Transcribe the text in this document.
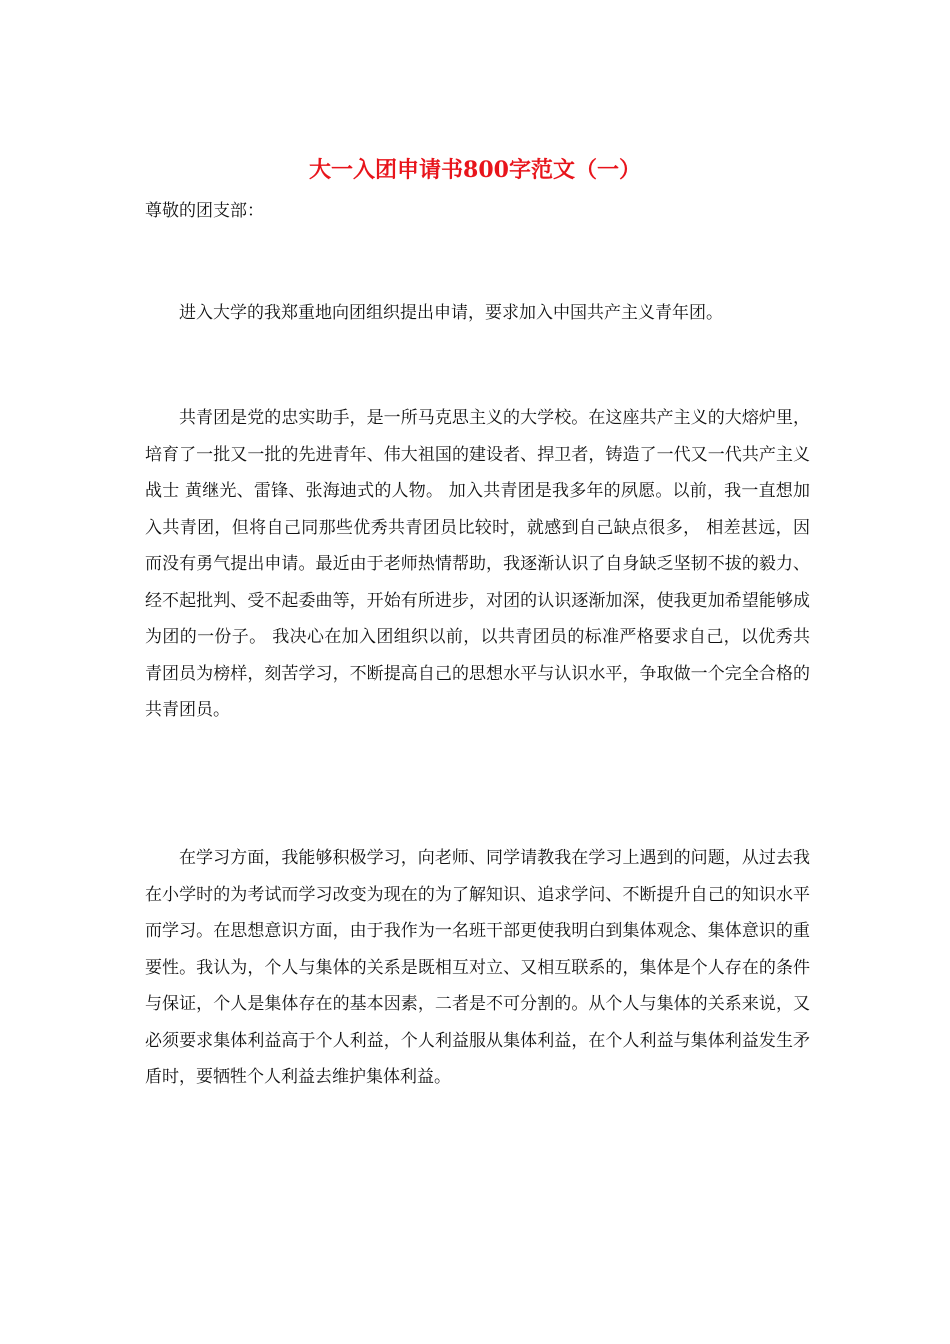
大一入团申请书800字范文（一）
尊敬的团支部：

进入大学的我郑重地向团组织提出申请，要求加入中国共产主义青年团。

共青团是党的忠实助手，是一所马克思主义的大学校。在这座共产主义的大熔炉里，培育了一批又一批的先进青年、伟大祖国的建设者、捍卫者，铸造了一代又一代共产主义战士 黄继光、雷锋、张海迪式的人物。 加入共青团是我多年的夙愿。以前，我一直想加入共青团，但将自己同那些优秀共青团员比较时，就感到自己缺点很多， 相差甚远，因而没有勇气提出申请。最近由于老师热情帮助，我逐渐认识了自身缺乏坚韧不拔的毅力、经不起批判、受不起委曲等，开始有所进步，对团的认识逐渐加深，使我更加希望能够成为团的一份子。 我决心在加入团组织以前，以共青团员的标准严格要求自己，以优秀共青团员为榜样，刻苦学习，不断提高自己的思想水平与认识水平，争取做一个完全合格的共青团员。

在学习方面，我能够积极学习，向老师、同学请教我在学习上遇到的问题，从过去我在小学时的为考试而学习改变为现在的为了解知识、追求学问、不断提升自己的知识水平而学习。在思想意识方面，由于我作为一名班干部更使我明白到集体观念、集体意识的重要性。我认为，个人与集体的关系是既相互对立、又相互联系的，集体是个人存在的条件与保证，个人是集体存在的基本因素，二者是不可分割的。从个人与集体的关系来说，又必须要求集体利益高于个人利益，个人利益服从集体利益，在个人利益与集体利益发生矛盾时，要牺牲个人利益去维护集体利益。
